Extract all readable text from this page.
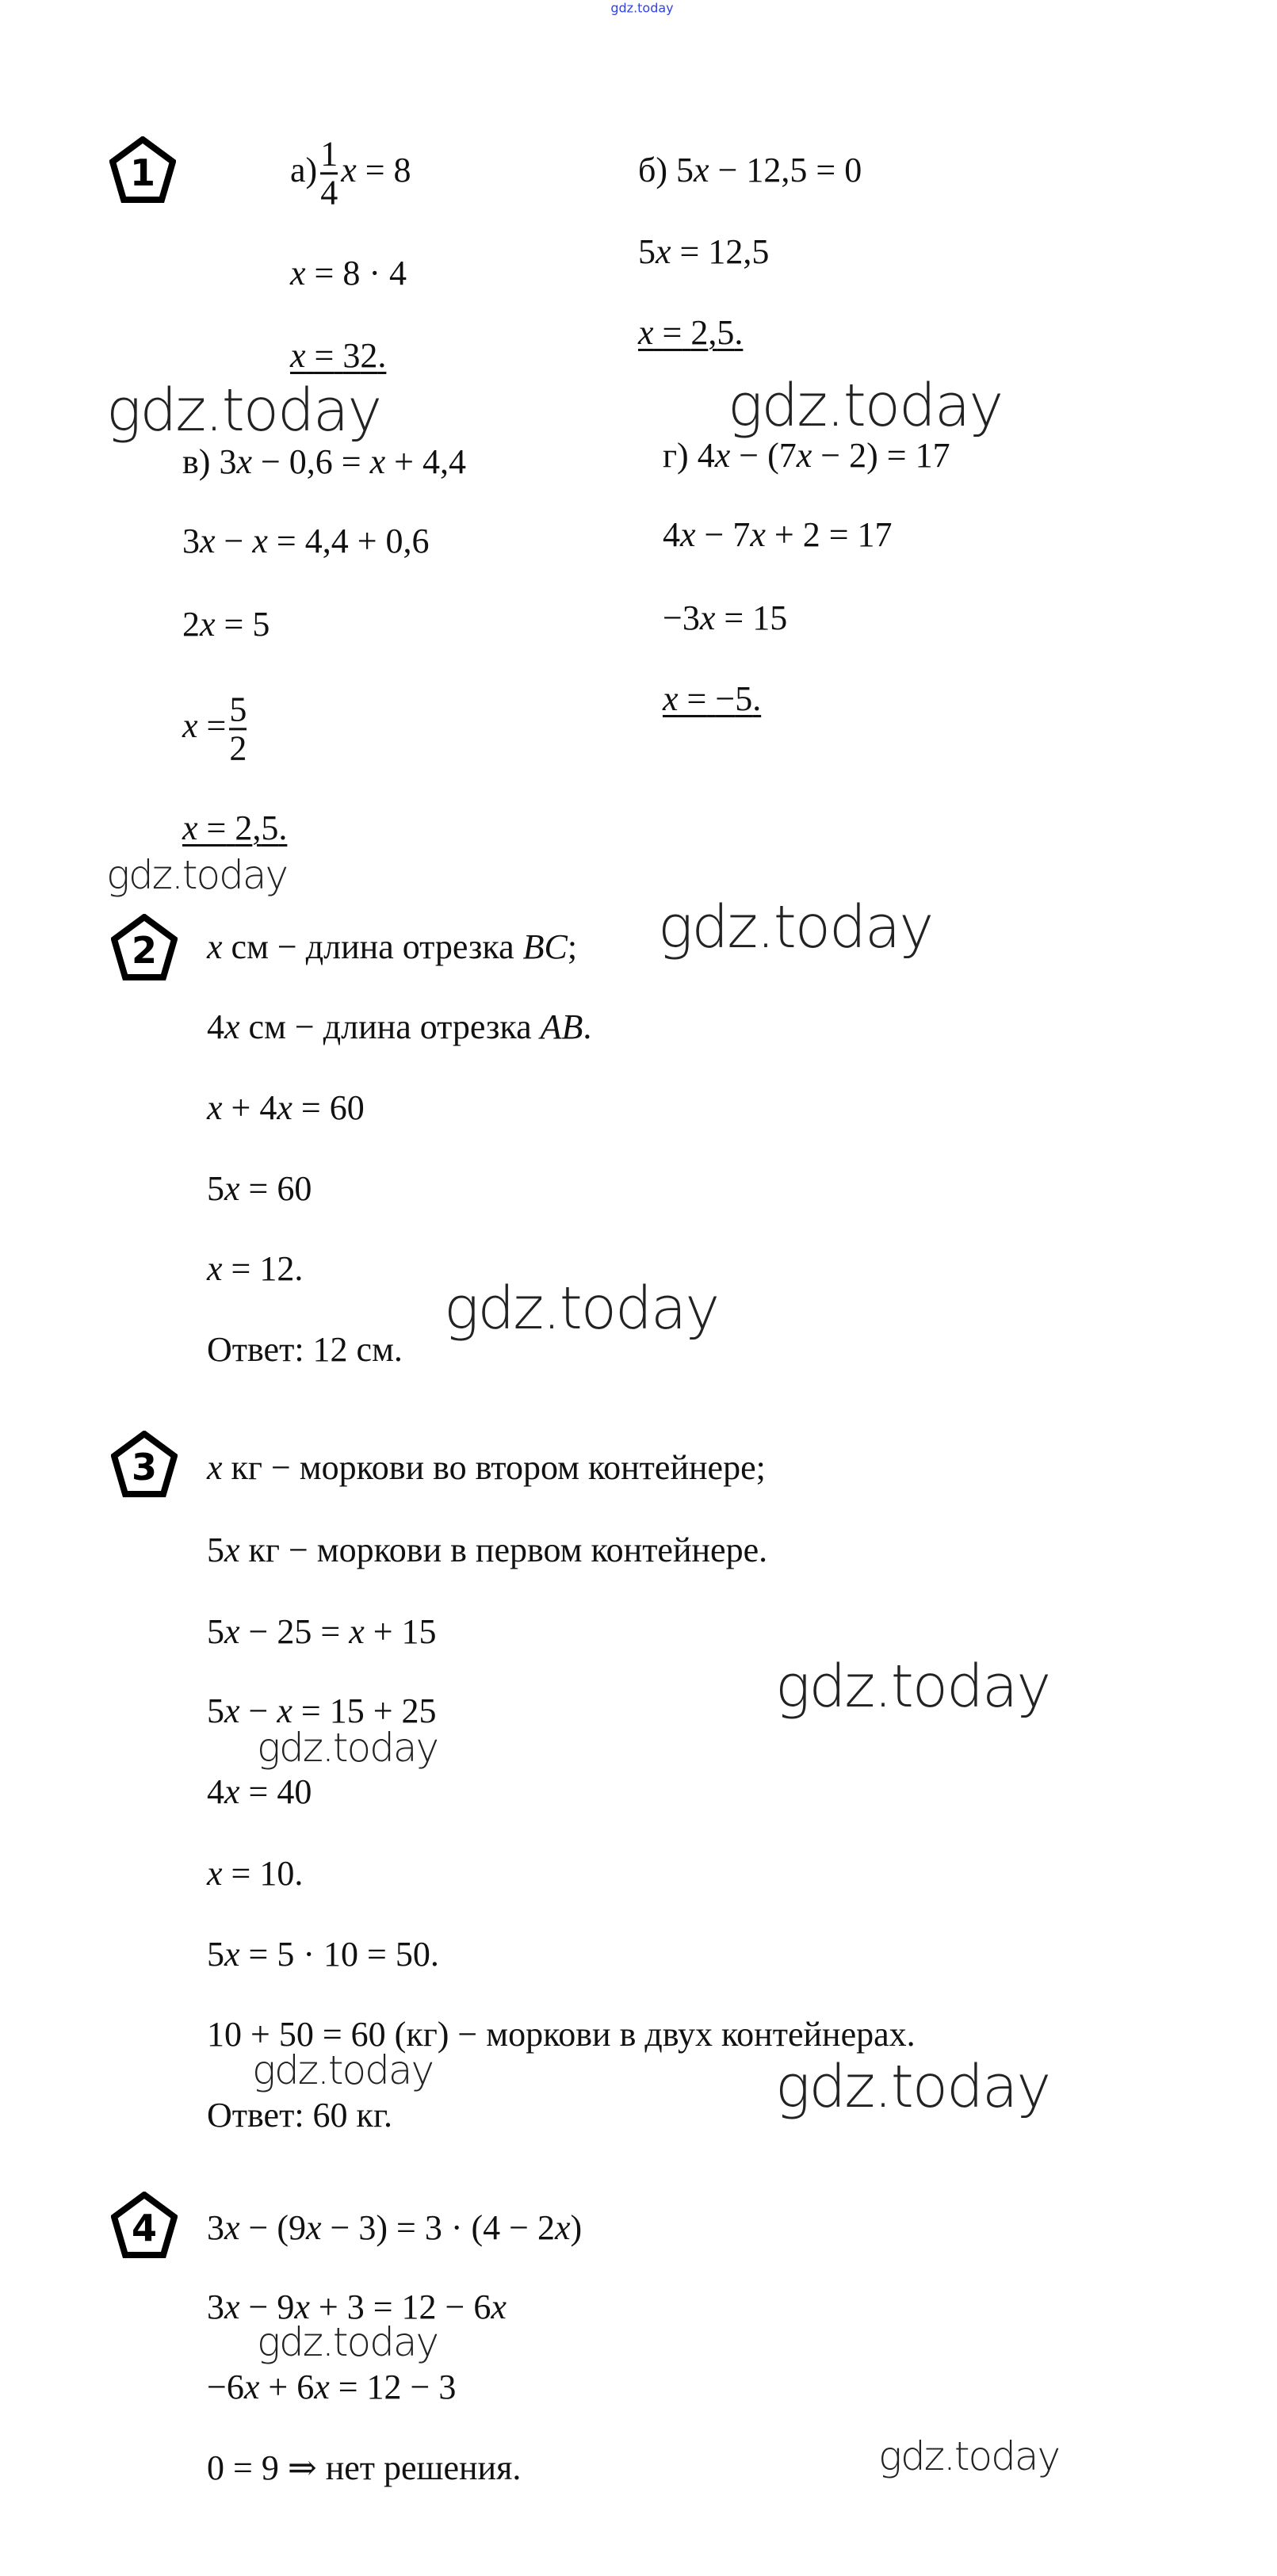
gdz.today
1
2
3
4
$а) \frac{1}{4}$ x = 8
x = 8 · 4
x = 32.
б) 5x − 12,5 = 0
5x = 12,5
x = 2,5.
в) 3x − 0,6 = x + 4,4
3x − x = 4,4 + 0,6
2x = 5
$x = \frac{5}{2}$
x = 2,5.
г) 4x − (7x − 2) = 17
4x − 7x + 2 = 17
−3x = 15
x = −5.
x см − длина отрезка BC;
4x см − длина отрезка AB.
x + 4x = 60
5x = 60
x = 12.
Ответ: 12 см.
x кг − моркови во втором контейнере;
5x кг − моркови в первом контейнере.
5x − 25 = x + 15
5x − x = 15 + 25
4x = 40
x = 10.
5x = 5 · 10 = 50.
10 + 50 = 60 (кг) − моркови в двух контейнерах.
Ответ: 60 кг.
3x − (9x − 3) = 3 · (4 − 2x)
3x − 9x + 3 = 12 − 6x
−6x + 6x = 12 − 3
0 = 9 ⇒ нет решения.
gdz.today	gdz.today
gdz.today
gdz.today
gdz.today
gdz.today
gdz.today
gdz.today	gdz.today
gdz.today
gdz.today
